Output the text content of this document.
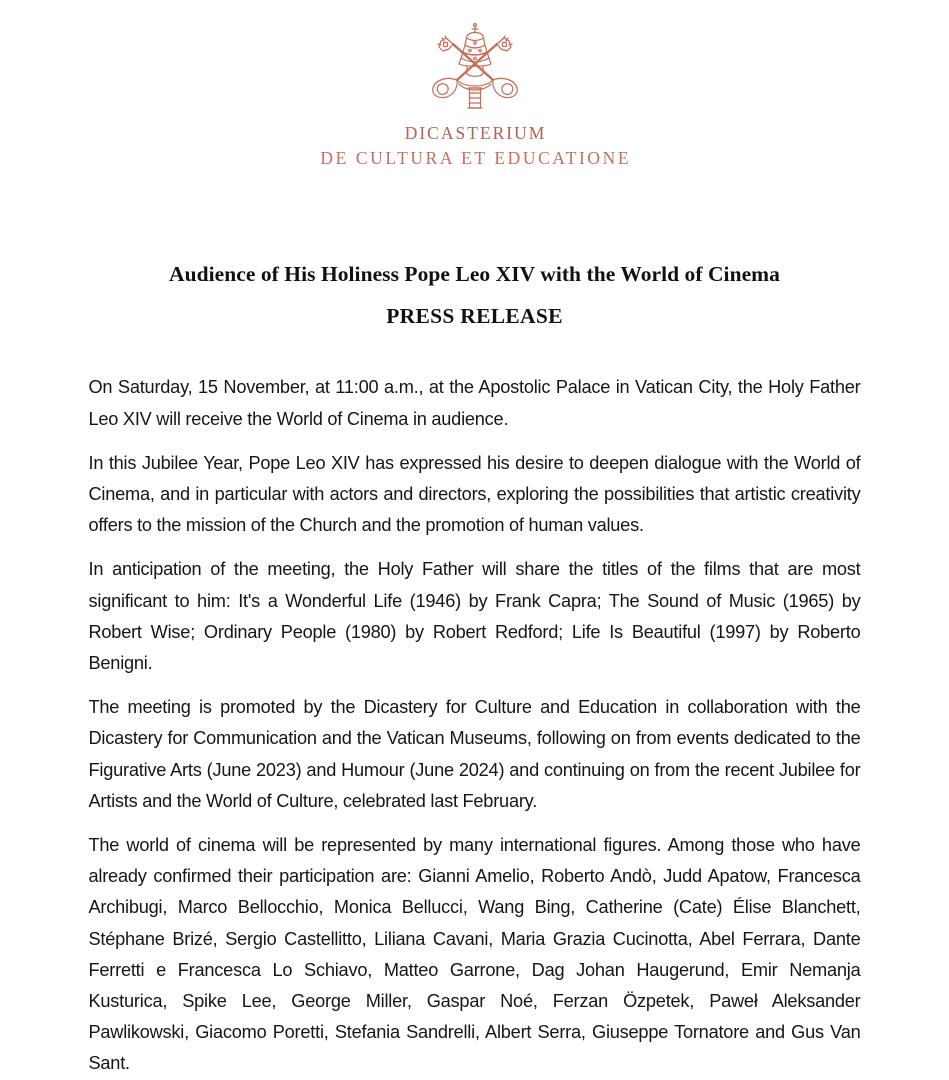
DICASTERIUM
DE CULTURA ET EDUCATIONE
Audience of His Holiness Pope Leo XIV with the World of Cinema
PRESS RELEASE

On Saturday, 15 November, at 11:00 a.m., at the Apostolic Palace in Vatican City, the Holy Father Leo XIV will receive the World of Cinema in audience.

In this Jubilee Year, Pope Leo XIV has expressed his desire to deepen dialogue with the World of Cinema, and in particular with actors and directors, exploring the possibilities that artistic creativity offers to the mission of the Church and the promotion of human values.

In anticipation of the meeting, the Holy Father will share the titles of the films that are most significant to him: It's a Wonderful Life (1946) by Frank Capra; The Sound of Music (1965) by Robert Wise; Ordinary People (1980) by Robert Redford; Life Is Beautiful (1997) by Roberto Benigni.

The meeting is promoted by the Dicastery for Culture and Education in collaboration with the Dicastery for Communication and the Vatican Museums, following on from events dedicated to the Figurative Arts (June 2023) and Humour (June 2024) and continuing on from the recent Jubilee for Artists and the World of Culture, celebrated last February.

The world of cinema will be represented by many international figures. Among those who have already confirmed their participation are: Gianni Amelio, Roberto Andò, Judd Apatow, Francesca Archibugi, Marco Bellocchio, Monica Bellucci, Wang Bing, Catherine (Cate) Élise Blanchett, Stéphane Brizé, Sergio Castellitto, Liliana Cavani, Maria Grazia Cucinotta, Abel Ferrara, Dante Ferretti e Francesca Lo Schiavo, Matteo Garrone, Dag Johan Haugerund, Emir Nemanja Kusturica, Spike Lee, George Miller, Gaspar Noé, Ferzan Özpetek, Paweł Aleksander Pawlikowski, Giacomo Poretti, Stefania Sandrelli, Albert Serra, Giuseppe Tornatore and Gus Van Sant.
